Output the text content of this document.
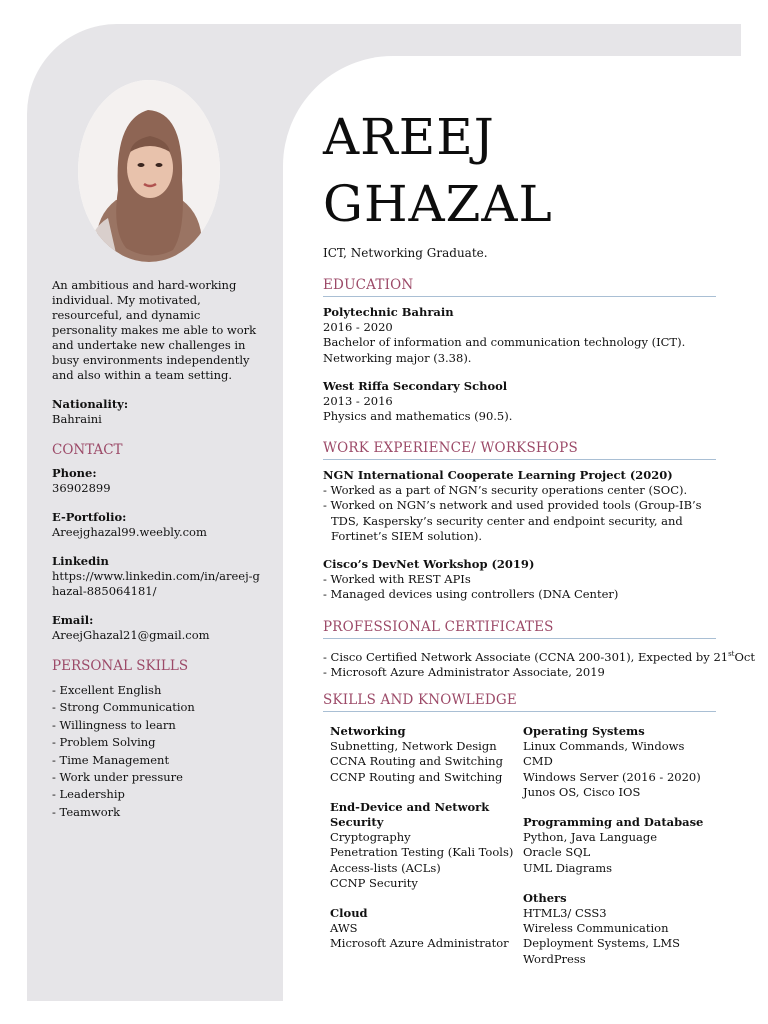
An ambitious and hard-working individual. My motivated, resourceful, and dynamic personality makes me able to work and undertake new challenges in busy environments independently and also within a team setting.

Nationality:

Bahraini

CONTACT

Phone:

36902899

E-Portfolio:

Areejghazal99.weebly.com

Linkedin

https://www.linkedin.com/in/areej-ghazal-885064181/

Email:

AreejGhazal21@gmail.com

PERSONAL SKILLS
- Excellent English
- Strong Communication
- Willingness to learn
- Problem Solving
- Time Management
- Work under pressure
- Leadership
- Teamwork
AREEJ
GHAZAL
ICT, Networking Graduate.
EDUCATION

Polytechnic Bahrain

2016 - 2020

Bachelor of information and communication technology (ICT).

Networking major (3.38).

West Riffa Secondary School

2013 - 2016

Physics and mathematics (90.5).

WORK EXPERIENCE/ WORKSHOPS

NGN International Cooperate Learning Project (2020)

- Worked as a part of NGN’s security operations center (SOC).
- Worked on NGN’s network and used provided tools (Group-IB’s TDS, Kaspersky’s security center and endpoint security, and Fortinet’s SIEM solution).

Cisco’s DevNet Workshop (2019)

- Worked with REST APIs
- Managed devices using controllers (DNA Center)
PROFESSIONAL CERTIFICATES
- Cisco Certified Network Associate (CCNA 200-301), Expected by 21stOct
- Microsoft Azure Administrator Associate, 2019
SKILLS AND KNOWLEDGE

Networking

Subnetting, Network Design

CCNA Routing and Switching

CCNP Routing and Switching

End-Device and Network Security

Cryptography

Penetration Testing (Kali Tools)

Access-lists (ACLs)

CCNP Security

Cloud

AWS

Microsoft Azure Administrator

Operating Systems

Linux Commands, Windows CMD

Windows Server (2016 - 2020)

Junos OS, Cisco IOS

Programming and Database

Python, Java Language

Oracle SQL

UML Diagrams

Others

HTML3/ CSS3

Wireless Communication

Deployment Systems, LMS

WordPress
